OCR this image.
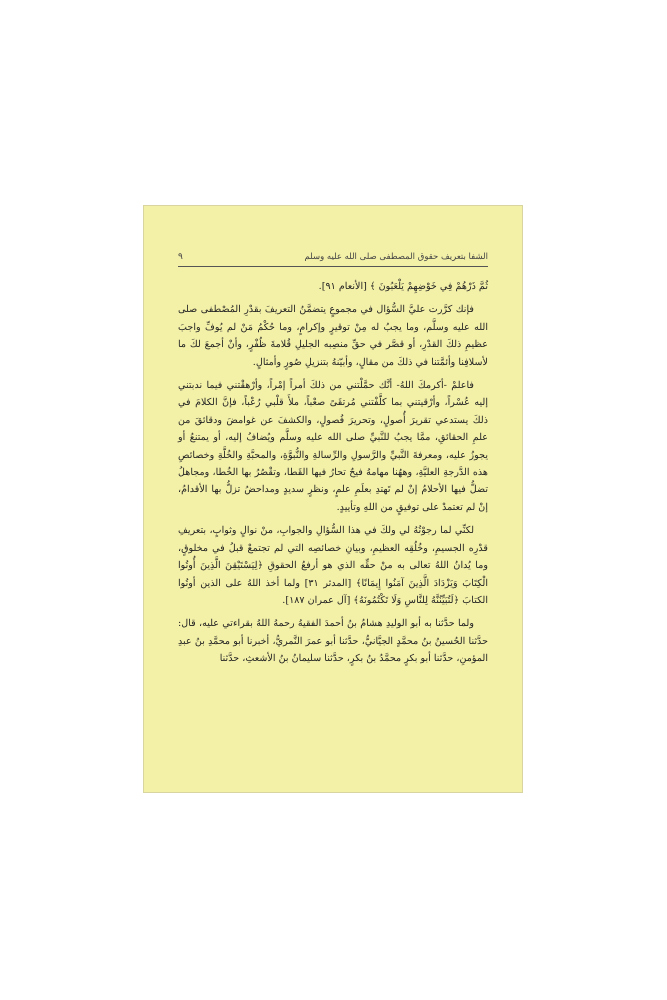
الشفا بتعريف حقوق المصطفى صلى الله عليه وسلم
٩

ثُمَّ ذَرْهُمْ فِي خَوْضِهِمْ يَلْعَبُونَ ﴾ [الأنعام ٩١].

فإنك كرَّرت عليَّ السُّؤال في مجموعٍ يتضمَّنُ التعريفَ بقدْرِ المُصْطفى صلى الله عليه وسلَّم، وما يجبُ له مِنْ توقيرٍ وإكرامٍ، وما حُكْمُ مَنْ لم يُوفِّ واجبَ عظيمِ ذلكَ القدْرِ، أو قصَّر في حقِّ منصِبه الجليلِ قُلامةَ ظُفْرٍ، وأنْ أجمعَ لكَ ما لأسلافِنا وأئمَّتنا في ذلكَ من مقالٍ، وأبيّنهُ بتنزيلِ صُورٍ وأمثالٍ.

فاعلمْ -أكرمكَ اللهُ- أنَّك حمَّلْتني من ذلكَ أمراً إمْراً، وأرْهقْتني فيما ندبتني إليه عُسْراً، وأرْقيتني بما كلَّفْتني مُرتقَىً صعْباً، ملأَ قلْبي رُعْباً، فإنَّ الكلامَ في ذلكَ يستدعي تقريرَ أُصولٍ، وتحريرَ فُصولٍ، والكشفَ عن غوامضَ ودقائقَ من علمِ الحقائقِ، ممَّا يجبُ للنَّبيِّ صلى الله عليه وسلَّم ويُضافُ إليه، أو يمتنعُ أو يجوزُ عليه، ومعرفةَ النَّبيِّ والرَّسولِ والرِّسالةِ والنُّبوَّةِ، والمحبَّةِ والخُلَّةِ وخصائصِ هذه الدَّرجةِ العليَّةِ، وههُنا مهامهُ فيحٌ تحارُ فيها القَطا، وتقْصُرُ بها الخُطا، ومجاهلُ تضلُّ فيها الأحلامُ إنْ لم تَهتدِ بعلَمِ علمٍ، ونظرٍ سديدٍ ومداحضُ تزلُّ بها الأقدامُ، إنْ لم تعتمدْ على توفيقٍ من اللهِ وتأييدٍ.

لكنِّي لما رجوْتُهُ لي ولكَ في هذا السُّؤالِ والجوابِ، منْ نوالٍ وثوابٍ، بتعريفِ قدْرِه الجسيمِ، وخُلُقِه العظيمِ، وبيانِ خصائصِه التي لم تجتمعْ قبلُ في مخلوقٍ، وما يُدانُ اللهُ تعالى به منْ حقِّه الذي هو أرفعُ الحقوقِ ﴿لِيَسْتَيْقِنَ الَّذِينَ أُوتُوا الْكِتَابَ وَيَزْدَادَ الَّذِينَ آمَنُوا إِيمَانًا﴾ [المدثر ٣١] ولما أخذ اللهُ على الذين أوتُوا الكتابَ ﴿لَتُبَيِّنُنَّهُ لِلنَّاسِ وَلَا تَكْتُمُونَهُ﴾ [آل عمران ١٨٧].

ولما حدَّثنا به أبو الوليدِ هشامُ بنُ أحمدَ الفقيهُ رحمهُ اللهُ بقراءتي عليه، قال: حدَّثنا الحُسينُ بنُ محمَّدٍ الجيَّانيُّ، حدَّثنا أبو عمرَ النَّمريُّ، أخبرنا أبو محمَّدِ بنُ عبدِ المؤمنِ، حدَّثنا أبو بكرٍ محمَّدُ بنُ بكرٍ، حدَّثنا سليمانُ بنُ الأشعثِ، حدَّثنا
